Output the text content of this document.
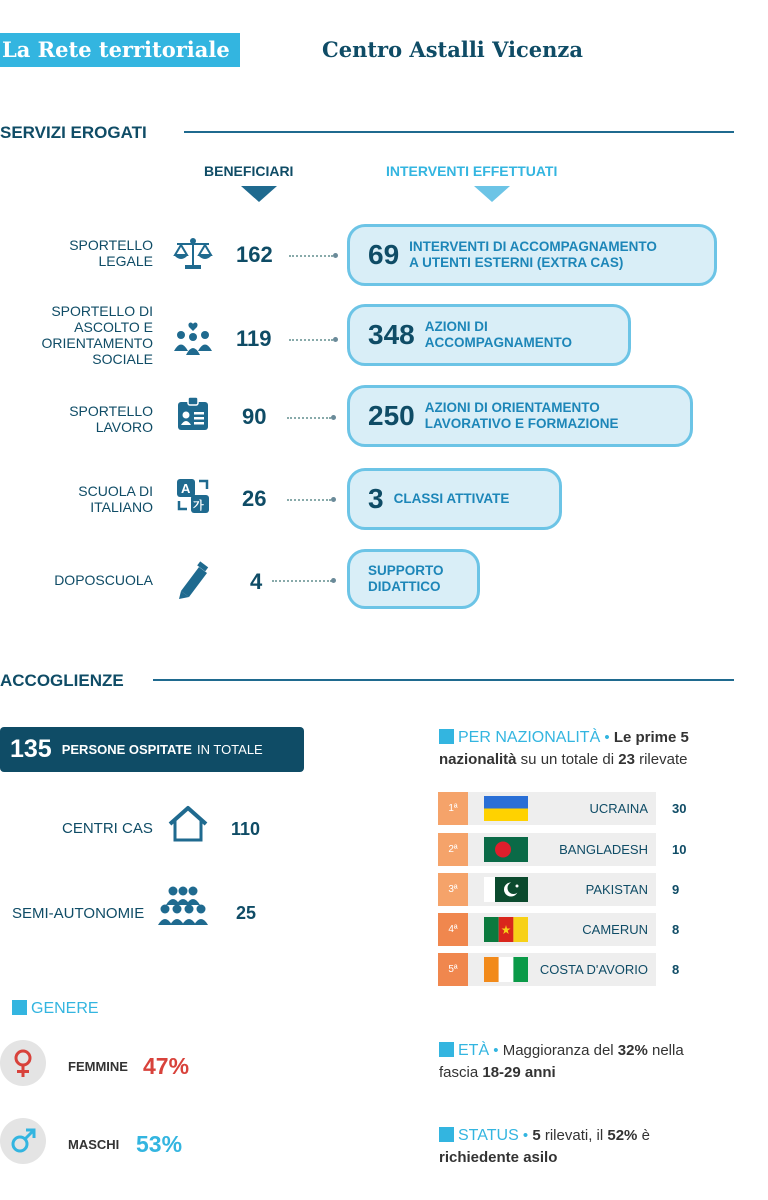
La Rete territoriale	Centro Astalli Vicenza
SERVIZI EROGATI
BENEFICIARI	INTERVENTI EFFETTUATI
SPORTELLO
LEGALE	162	69 INTERVENTI DI ACCOMPAGNAMENTO
A UTENTI ESTERNI (EXTRA CAS)
SPORTELLO DI
ASCOLTO E
ORIENTAMENTO
SOCIALE
119	348 AZIONI DI
ACCOMPAGNAMENTO
SPORTELLO
LAVORO	90	250 AZIONI DI ORIENTAMENTO
LAVORATIVO E FORMAZIONE
SCUOLA DI
ITALIANO
A
가 26	3 CLASSI ATTIVATE
DOPOSCUOLA	4	SUPPORTO
DIDATTICO
ACCOGLIENZE
135 PERSONE OSPITATE IN TOTALE
CENTRI CAS	110
SEMI-AUTONOMIE	25
GENERE
FEMMINE 47%
MASCHI 53%
PER NAZIONALITÀ • Le prime 5
nazionalità su un totale di 23 rilevate
1ª	UCRAINA 30
2ª	BANGLADESH 10
3ª	PAKISTAN 9
4ª	CAMERUN 8
5ª	COSTA D'AVORIO 8
ETÀ • Maggioranza del 32% nella
fascia 18-29 anni
STATUS • 5 rilevati, il 52% è
richiedente asilo
